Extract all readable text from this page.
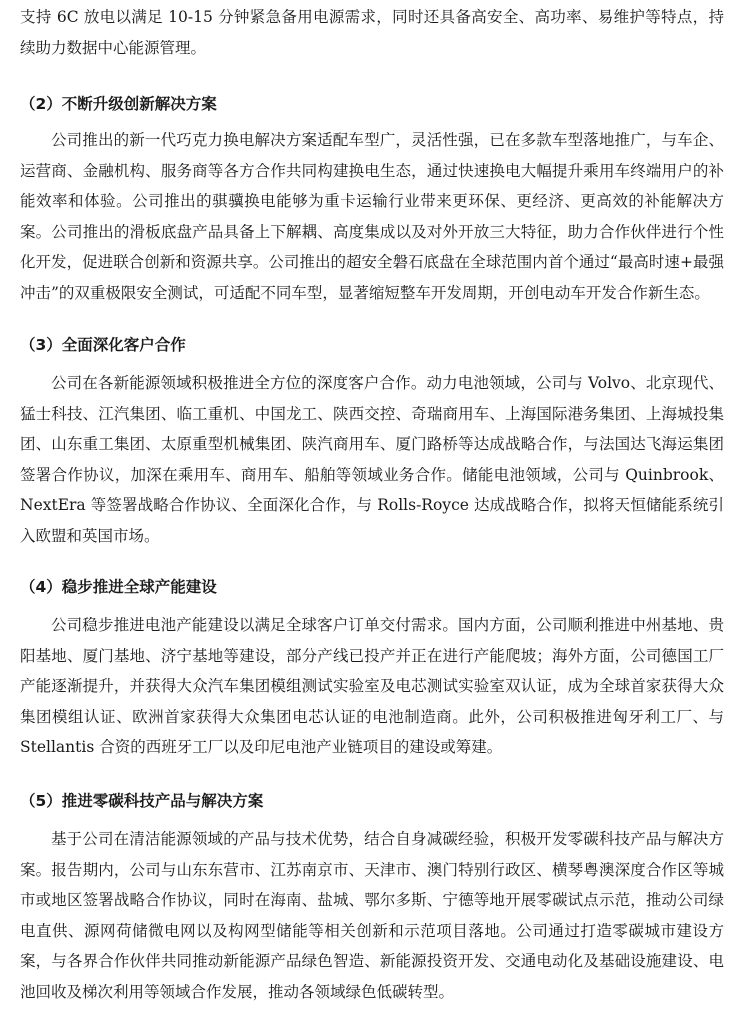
支持 6C 放电以满足 10-15 分钟紧急备用电源需求，同时还具备高安全、高功率、易维护等特点，持续助力数据中心能源管理。

（2）不断升级创新解决方案

公司推出的新一代巧克力换电解决方案适配车型广，灵活性强，已在多款车型落地推广，与车企、运营商、金融机构、服务商等各方合作共同构建换电生态，通过快速换电大幅提升乘用车终端用户的补能效率和体验。公司推出的骐骥换电能够为重卡运输行业带来更环保、更经济、更高效的补能解决方案。公司推出的滑板底盘产品具备上下解耦、高度集成以及对外开放三大特征，助力合作伙伴进行个性化开发，促进联合创新和资源共享。公司推出的超安全磐石底盘在全球范围内首个通过“最高时速+最强冲击”的双重极限安全测试，可适配不同车型，显著缩短整车开发周期，开创电动车开发合作新生态。

（3）全面深化客户合作

公司在各新能源领域积极推进全方位的深度客户合作。动力电池领域，公司与 Volvo、北京现代、猛士科技、江汽集团、临工重机、中国龙工、陕西交控、奇瑞商用车、上海国际港务集团、上海城投集团、山东重工集团、太原重型机械集团、陕汽商用车、厦门路桥等达成战略合作，与法国达飞海运集团签署合作协议，加深在乘用车、商用车、船舶等领域业务合作。储能电池领域，公司与 Quinbrook、NextEra 等签署战略合作协议、全面深化合作，与 Rolls-Royce 达成战略合作，拟将天恒储能系统引入欧盟和英国市场。

（4）稳步推进全球产能建设

公司稳步推进电池产能建设以满足全球客户订单交付需求。国内方面，公司顺利推进中州基地、贵阳基地、厦门基地、济宁基地等建设，部分产线已投产并正在进行产能爬坡；海外方面，公司德国工厂产能逐渐提升，并获得大众汽车集团模组测试实验室及电芯测试实验室双认证，成为全球首家获得大众集团模组认证、欧洲首家获得大众集团电芯认证的电池制造商。此外，公司积极推进匈牙利工厂、与 Stellantis 合资的西班牙工厂以及印尼电池产业链项目的建设或筹建。

（5）推进零碳科技产品与解决方案

基于公司在清洁能源领域的产品与技术优势，结合自身减碳经验，积极开发零碳科技产品与解决方案。报告期内，公司与山东东营市、江苏南京市、天津市、澳门特别行政区、横琴粤澳深度合作区等城市或地区签署战略合作协议，同时在海南、盐城、鄂尔多斯、宁德等地开展零碳试点示范，推动公司绿电直供、源网荷储微电网以及构网型储能等相关创新和示范项目落地。公司通过打造零碳城市建设方案，与各界合作伙伴共同推动新能源产品绿色智造、新能源投资开发、交通电动化及基础设施建设、电池回收及梯次利用等领域合作发展，推动各领域绿色低碳转型。
